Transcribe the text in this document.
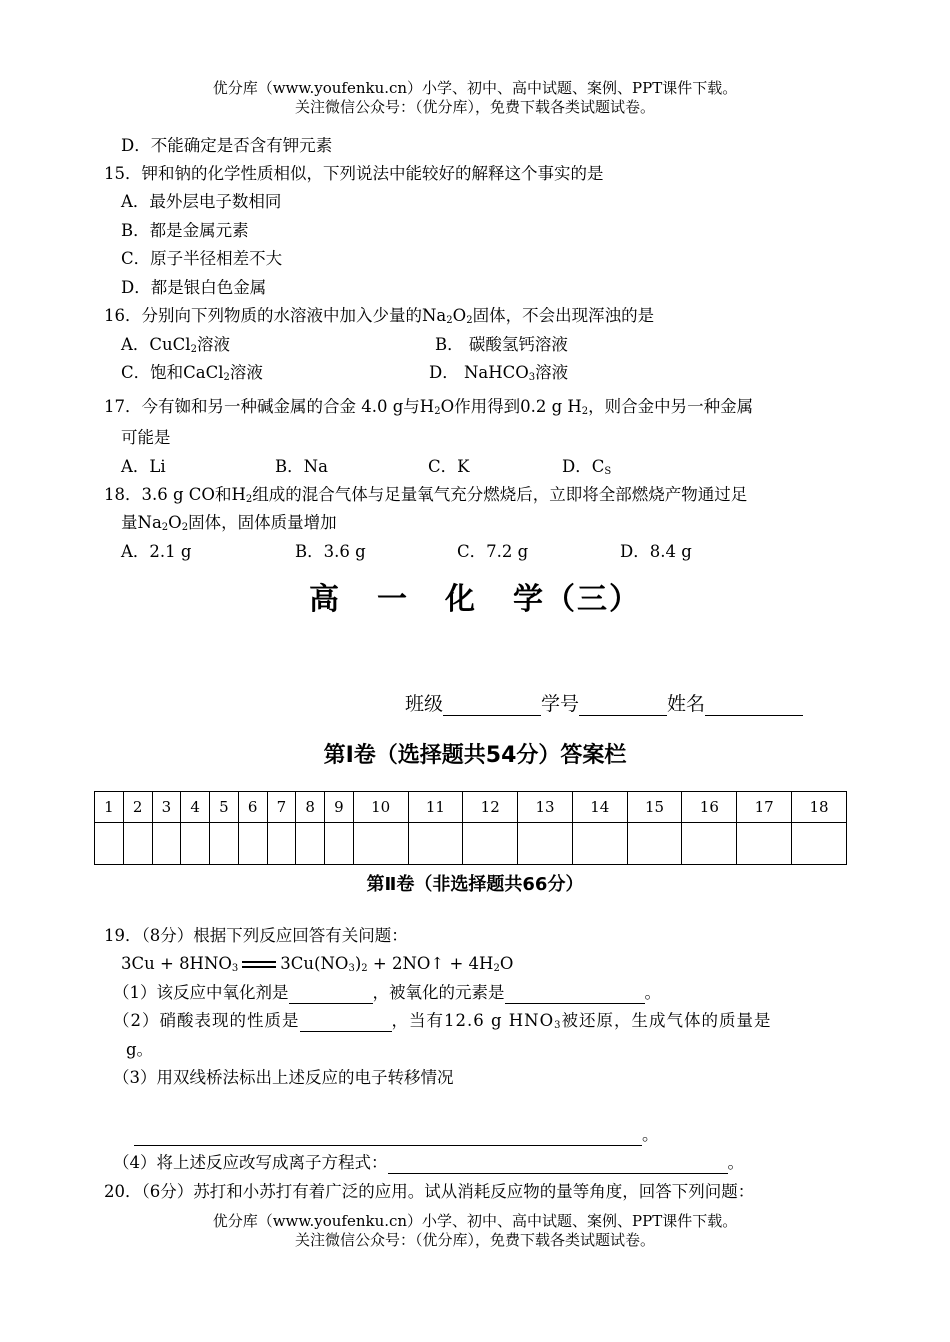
优分库（www.youfenku.cn）小学、初中、高中试题、案例、PPT课件下载。
关注微信公众号：（优分库），免费下载各类试题试卷。
D．不能确定是否含有钾元素
15．钾和钠的化学性质相似，下列说法中能较好的解释这个事实的是
A．最外层电子数相同
B．都是金属元素
C．原子半径相差不大
D．都是银白色金属
16．分别向下列物质的水溶液中加入少量的$Na_2O_2$固体，不会出现浑浊的是
A．CuCl$_2$溶液	B． 碳酸氢钙溶液
C．饱和CaCl$_2$溶液	D． NaHCO$_3$溶液
17．今有铷和另一种碱金属的合金 4.0 g与$H_2O$作用得到0.2 g $H_2$，则合金中另一种金属
可能是
A．Li	B．Na	C．K	D．$C_S$
18．3.6 g CO和$H_2$组成的混合气体与足量氧气充分燃烧后，立即将全部燃烧产物通过足
量$Na_2O_2$固体，固体质量增加
A．2.1 g	B．3.6 g	C．7.2 g	D．8.4 g
高 一 化 学（三）
班级	学号	姓名
第Ⅰ卷（选择题共54分）答案栏
1	2	3	4	5	6	7	8	9	10	11	12	13	14	15	16	17	18

第Ⅱ卷（非选择题共66分）
19．（8分）根据下列反应回答有关问题：
$3Cu + 8HNO_3$	$3Cu(NO_3)_2$ + 2NO↑ + $4H_2O$
（1）该反应中氧化剂是	，被氧化的元素是	。
（2）硝酸表现的性质是	，当有12.6 g $HNO_3$被还原，生成气体的质量是
g。
（3）用双线桥法标出上述反应的电子转移情况
。
（4）将上述反应改写成离子方程式：	。
20．（6分）苏打和小苏打有着广泛的应用。试从消耗反应物的量等角度，回答下列问题：
优分库（www.youfenku.cn）小学、初中、高中试题、案例、PPT课件下载。
关注微信公众号：（优分库），免费下载各类试题试卷。
